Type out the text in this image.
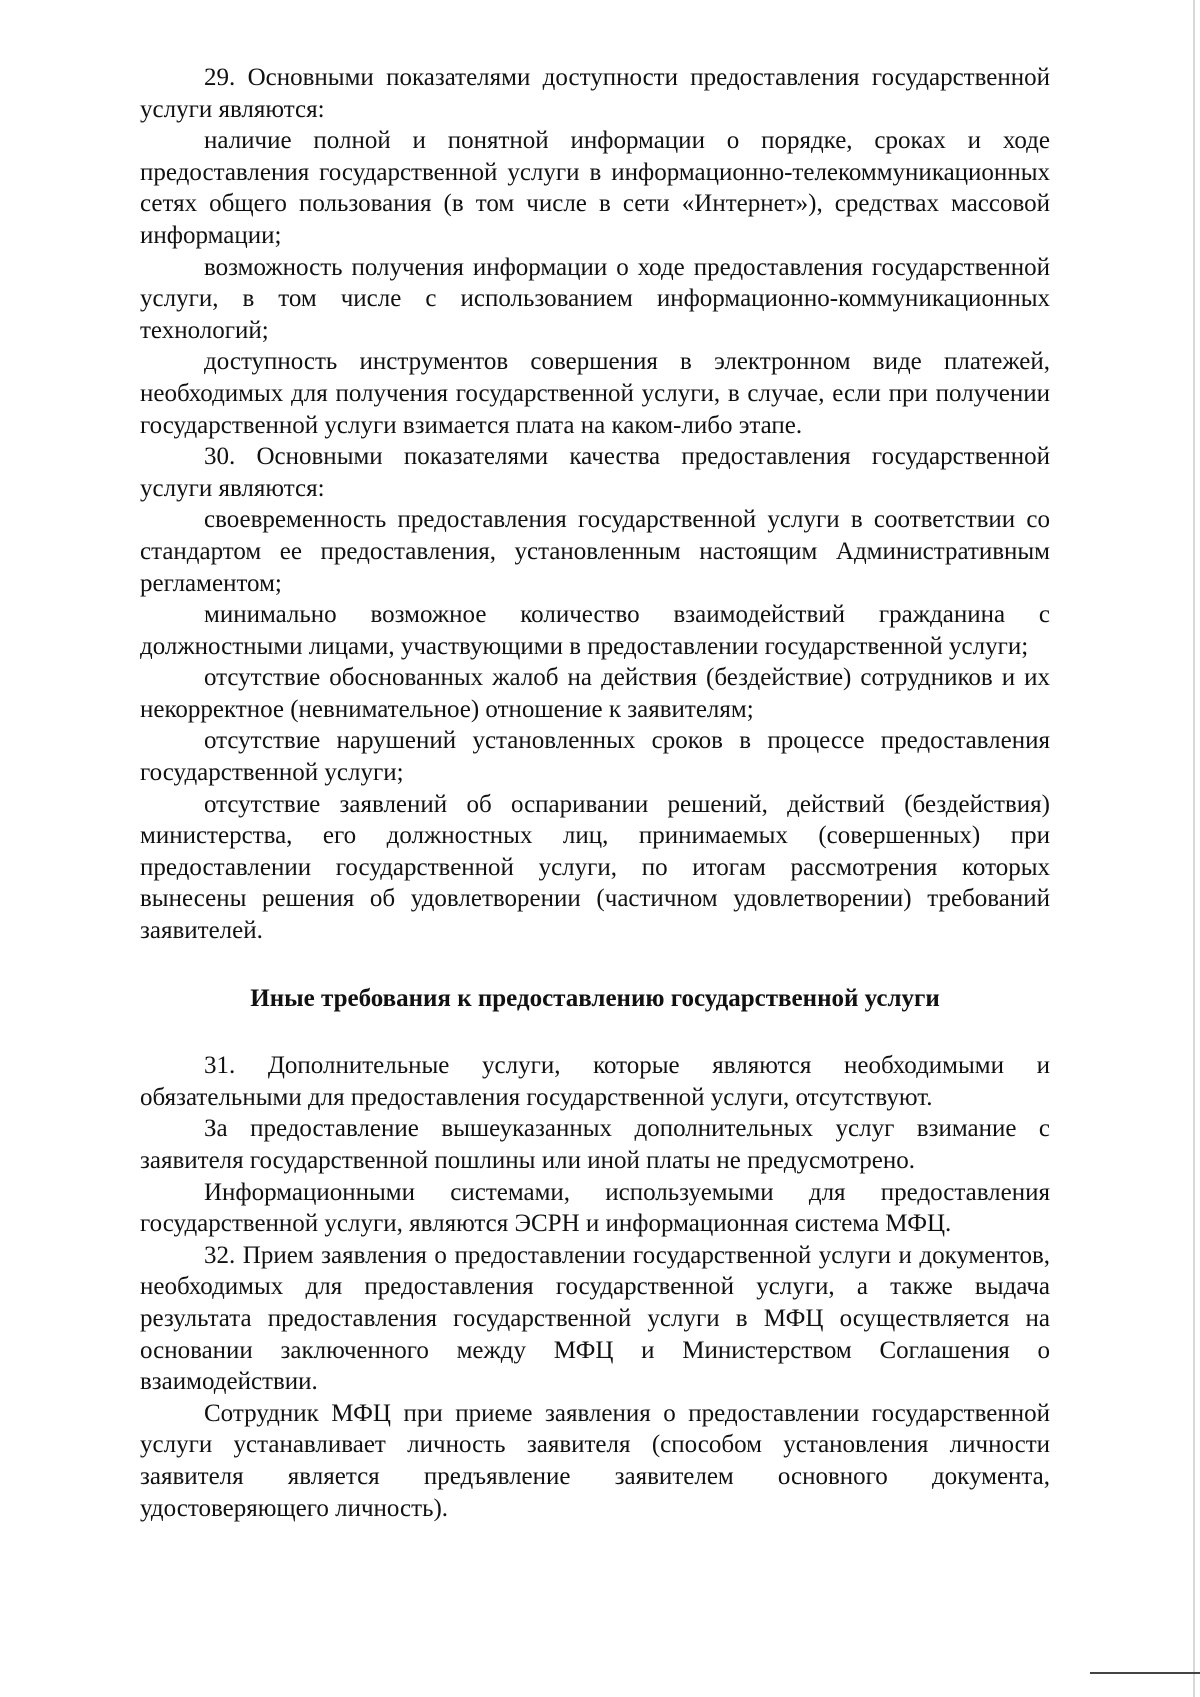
29. Основными показателями доступности предоставления государственной услуги являются:

наличие полной и понятной информации о порядке, сроках и ходе предоставления государственной услуги в информационно-телекоммуникационных сетях общего пользования (в том числе в сети «Интернет»), средствах массовой информации;

возможность получения информации о ходе предоставления государственной услуги, в том числе с использованием информационно-коммуникационных технологий;

доступность инструментов совершения в электронном виде платежей, необходимых для получения государственной услуги, в случае, если при получении государственной услуги взимается плата на каком-либо этапе.

30. Основными показателями качества предоставления государственной услуги являются:

своевременность предоставления государственной услуги в соответствии со стандартом ее предоставления, установленным настоящим Административным регламентом;

минимально возможное количество взаимодействий гражданина с должностными лицами, участвующими в предоставлении государственной услуги;

отсутствие обоснованных жалоб на действия (бездействие) сотрудников и их некорректное (невнимательное) отношение к заявителям;

отсутствие нарушений установленных сроков в процессе предоставления государственной услуги;

отсутствие заявлений об оспаривании решений, действий (бездействия) министерства, его должностных лиц, принимаемых (совершенных) при предоставлении государственной услуги, по итогам рассмотрения которых вынесены решения об удовлетворении (частичном удовлетворении) требований заявителей.

Иные требования к предоставлению государственной услуги

31. Дополнительные услуги, которые являются необходимыми и обязательными для предоставления государственной услуги, отсутствуют.

За предоставление вышеуказанных дополнительных услуг взимание с заявителя государственной пошлины или иной платы не предусмотрено.

Информационными системами, используемыми для предоставления государственной услуги, являются ЭСРН и информационная система МФЦ.

32. Прием заявления о предоставлении государственной услуги и документов, необходимых для предоставления государственной услуги, а также выдача результата предоставления государственной услуги в МФЦ осуществляется на основании заключенного между МФЦ и Министерством Соглашения о взаимодействии.

Сотрудник МФЦ при приеме заявления о предоставлении государственной услуги устанавливает личность заявителя (способом установления личности заявителя является предъявление заявителем основного документа, удостоверяющего личность).
